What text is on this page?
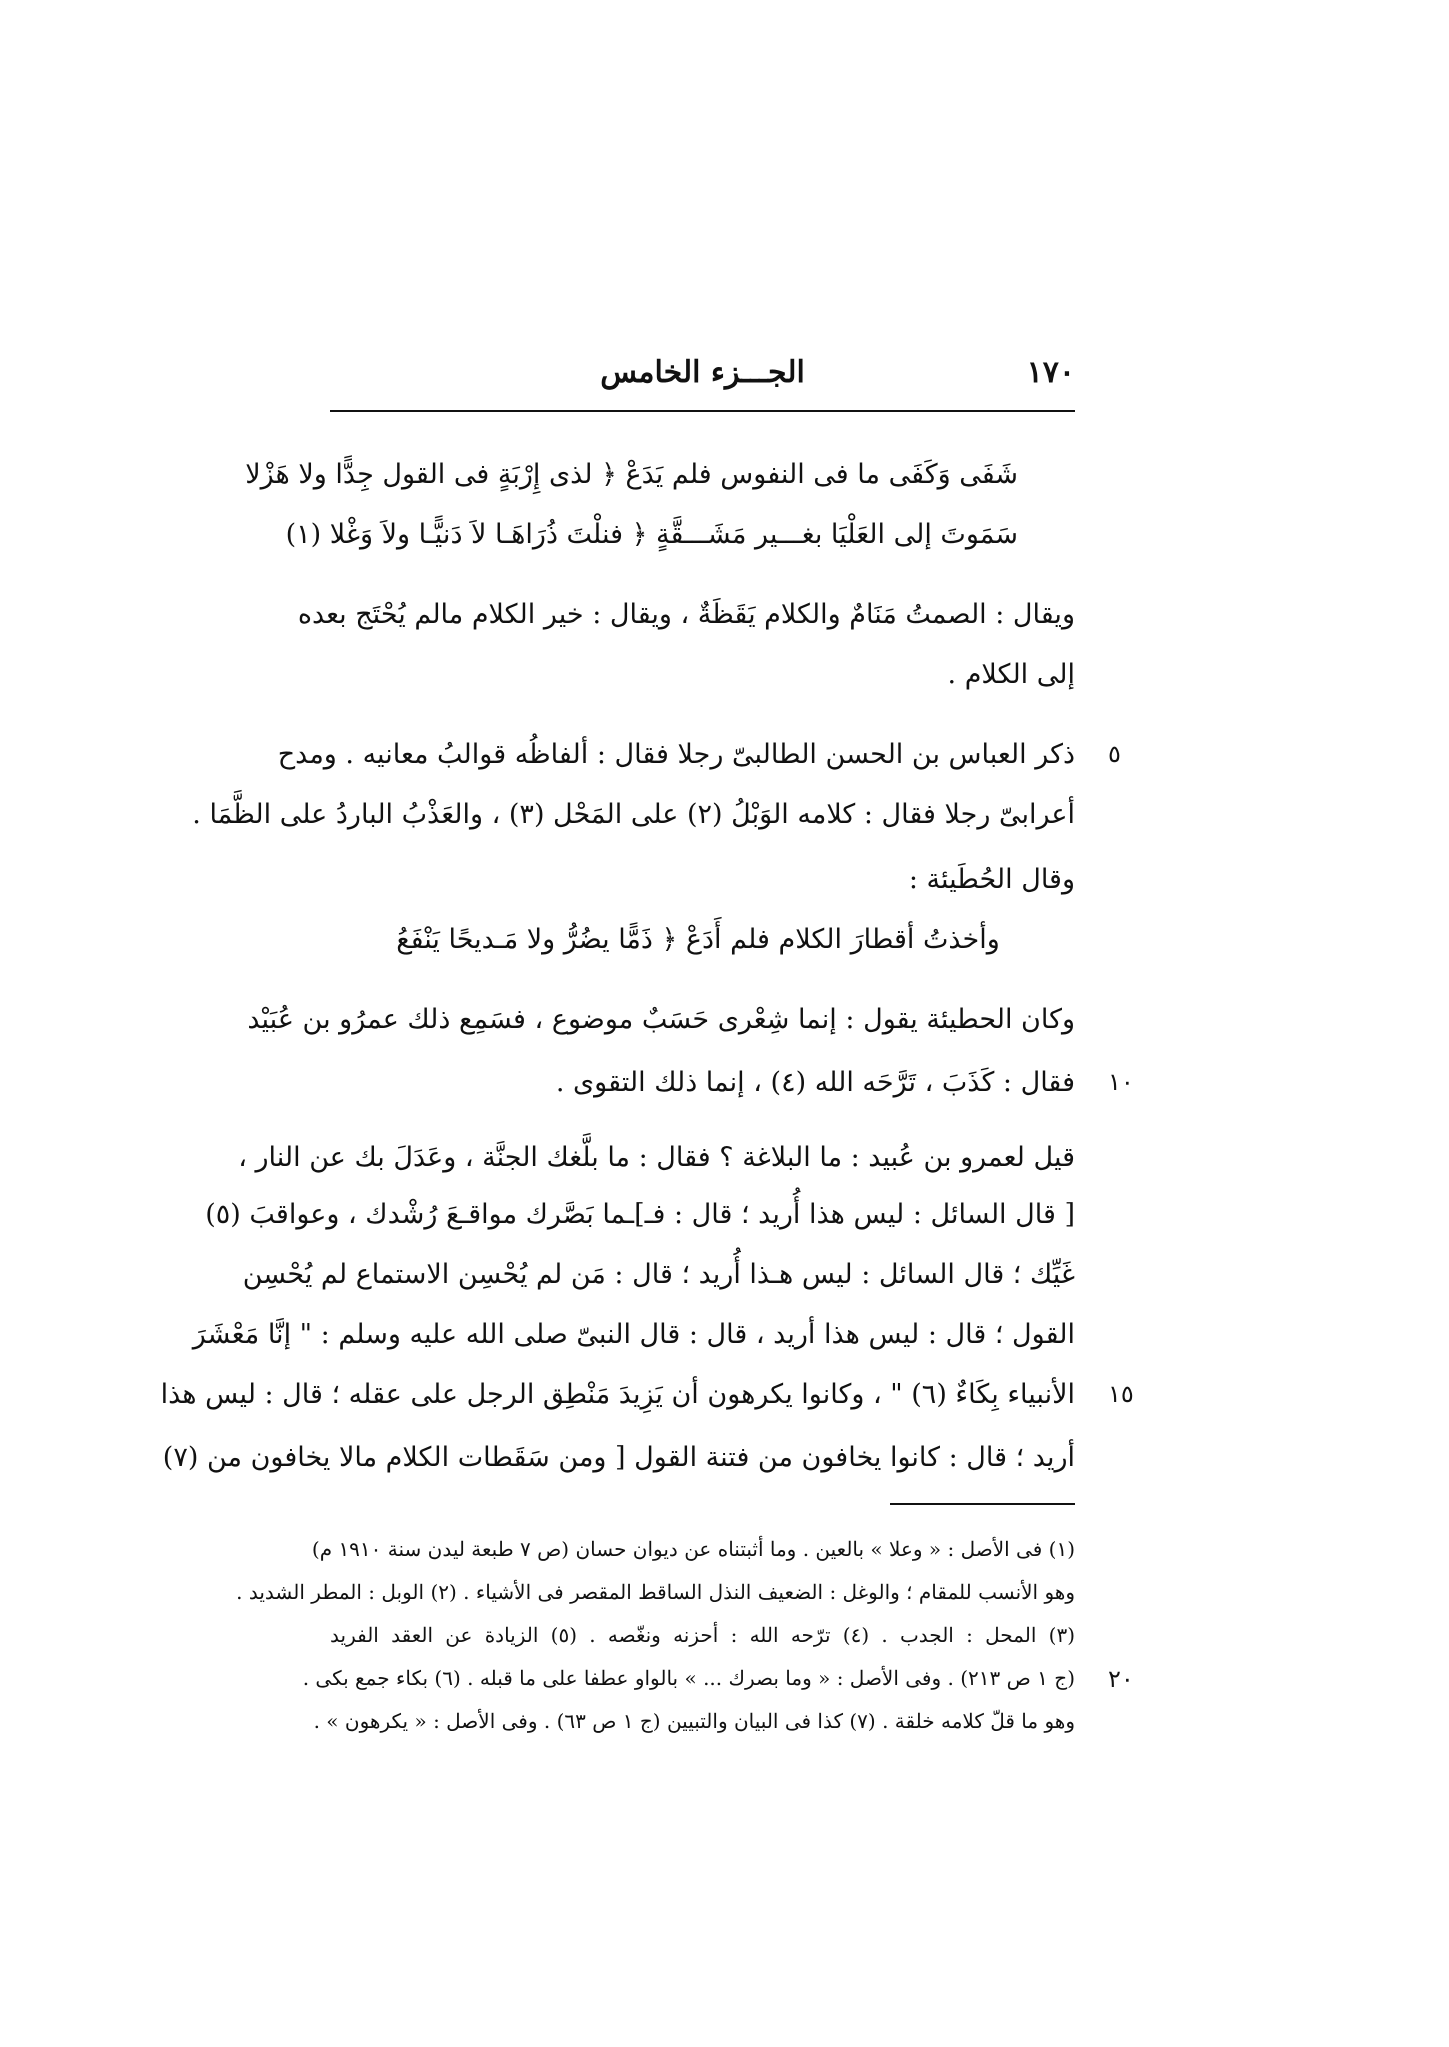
١٧٠
الجـــزء الخامس
شَفَى وَكَفَى ما فى النفوس فلم يَدَعْ ﴿ لذى إِرْبَةٍ فى القول جِدًّا ولا هَزْلا
سَمَوتَ إلى العَلْيَا بغـــير مَشَـــقَّةٍ ﴿ فنلْتَ ذُرَاهَـا لاَ دَنيًّـا ولاَ وَغْلا (١)
ويقال : الصمتُ مَنَامٌ والكلام يَقَظَةٌ ، ويقال : خير الكلام مالم يُحْتَج بعده
إلى الكلام .
ذكر العباس بن الحسن الطالبىّ رجلا فقال : ألفاظُه قوالبُ معانيه . ومدح ٥
أعرابىّ رجلا فقال : كلامه الوَبْلُ (٢) على المَحْل (٣) ، والعَذْبُ الباردُ على الظَّمَا .
وقال الحُطَيئة :
وأخذتُ أقطارَ الكلام فلم أَدَعْ ﴿ ذَمًّا يضُرُّ ولا مَـديحًا يَنْفَعُ
وكان الحطيئة يقول : إنما شِعْرى حَسَبٌ موضوع ، فسَمِع ذلك عمرُو بن عُبَيْد
فقال : كَذَبَ ، تَرَّحَه الله (٤) ، إنما ذلك التقوى . ١٠
قيل لعمرو بن عُبيد : ما البلاغة ؟ فقال : ما بلَّغك الجنَّة ، وعَدَلَ بك عن النار ،
[ قال السائل : ليس هذا أُريد ؛ قال : فـ]ـما بَصَّرك مواقـعَ رُشْدك ، وعواقبَ (٥)
غَيِّك ؛ قال السائل : ليس هـذا أُريد ؛ قال : مَن لم يُحْسِن الاستماع لم يُحْسِن
القول ؛ قال : ليس هذا أريد ، قال : قال النبىّ صلى الله عليه وسلم : " إنَّا مَعْشَرَ
الأنبياء بِكَاءٌ (٦) " ، وكانوا يكرهون أن يَزِيدَ مَنْطِق الرجل على عقله ؛ قال : ليس هذا ١٥
أريد ؛ قال : كانوا يخافون من فتنة القول [ ومن سَقَطات الكلام مالا يخافون من (٧)
(١) فى الأصل : « وعلا » بالعين . وما أثبتناه عن ديوان حسان (ص ٧ طبعة ليدن سنة ١٩١٠ م)
وهو الأنسب للمقام ؛ والوغل : الضعيف النذل الساقط المقصر فى الأشياء . (٢) الوبل : المطر الشديد .
(٣) المحل : الجدب . (٤) ترّحه الله : أحزنه ونغّصه . (٥) الزيادة عن العقد الفريد
(ج ١ ص ٢١٣) . وفى الأصل : « وما بصرك ... » بالواو عطفا على ما قبله . (٦) بكاء جمع بكى . ٢٠
وهو ما قلّ كلامه خلقة . (٧) كذا فى البيان والتبيين (ج ١ ص ٦٣) . وفى الأصل : « يكرهون » .
